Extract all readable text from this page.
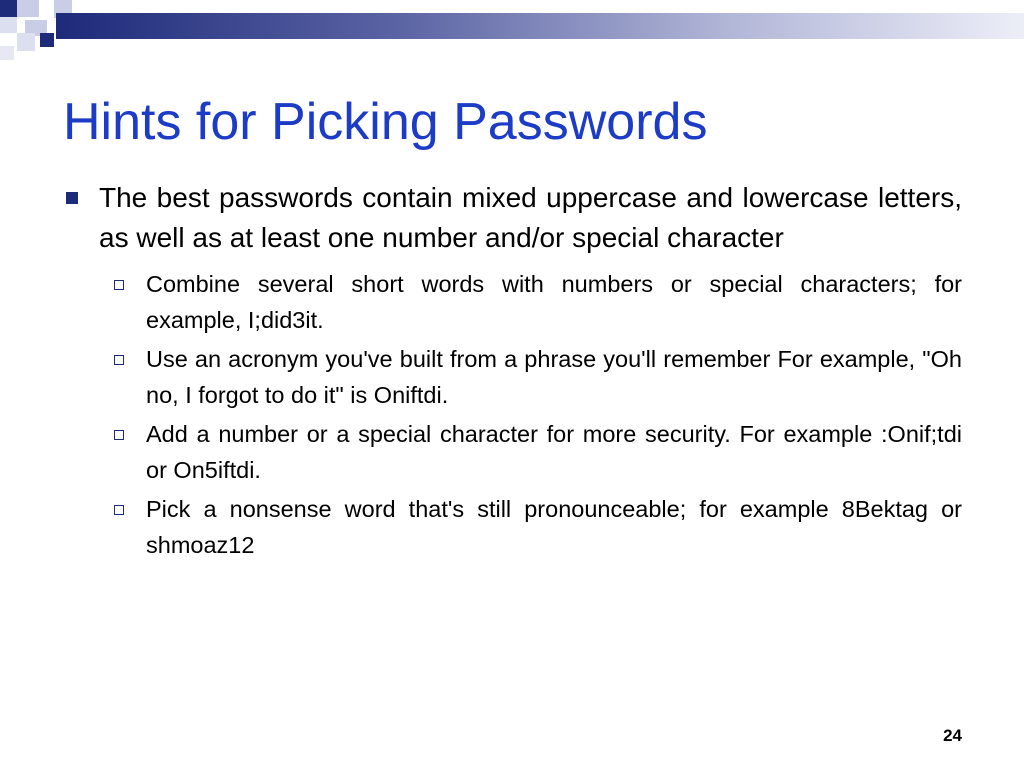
Hints for Picking Passwords
The best passwords contain mixed uppercase and lowercase letters, as well as at least one number and/or special character
Combine several short words with numbers or special characters; for example, I;did3it.
Use an acronym you've built from a phrase you'll remember For example, "Oh no, I forgot to do it" is Oniftdi.
Add a number or a special character for more security. For example :Onif;tdi or On5iftdi.
Pick a nonsense word that's still pronounceable; for example 8Bektag or shmoaz12
24
